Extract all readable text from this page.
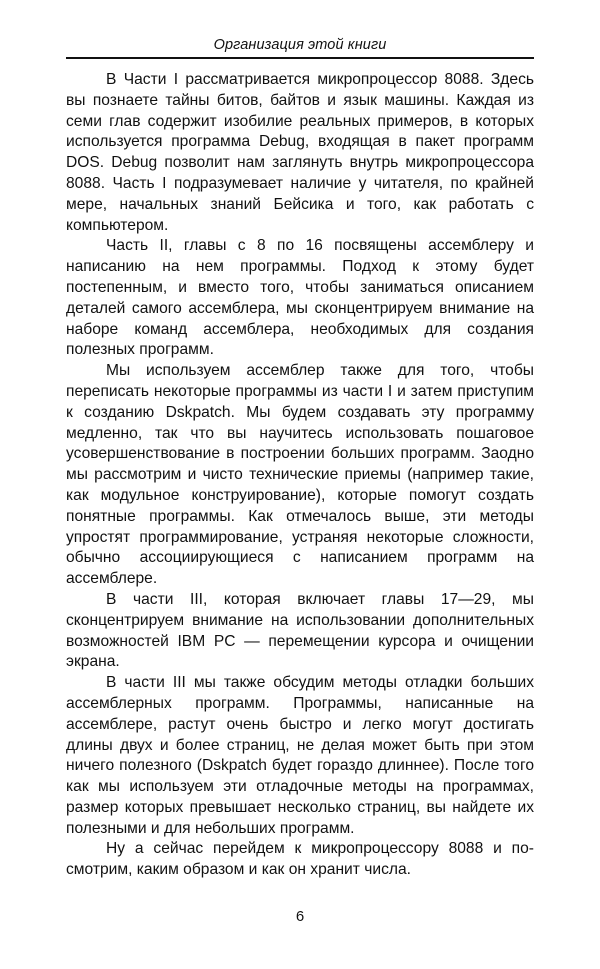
Организация этой книги

В Части I рассматривается микропроцессор 8088. Здесь вы познаете тайны битов, байтов и язык машины. Каждая из семи глав содержит изобилие реальных примеров, в которых используется программа Debug, входящая в пакет программ DOS. Debug позволит нам заглянуть внутрь микропроцессора 8088. Часть I подразумевает наличие у читателя, по крайней мере, начальных знаний Бейсика и того, как работать с компьютером.

Часть II, главы с 8 по 16 посвящены ассемблеру и написанию на нем программы. Подход к этому будет постепенным, и вместо того, чтобы заниматься описанием деталей самого ассемблера, мы сконцентрируем внимание на наборе команд ассемблера, необходимых для создания полезных программ.

Мы используем ассемблер также для того, чтобы переписать некоторые программы из части I и затем приступим к созданию Dskpatch. Мы будем создавать эту программу медленно, так что вы научитесь использовать пошаговое усовершенствование в построении больших программ. Заодно мы рассмотрим и чисто технические приемы (например такие, как модульное конструирование), которые помогут создать понятные программы. Как отмечалось выше, эти методы упростят программирование, устраняя некоторые сложности, обычно ассоциирующиеся с написанием программ на ассемблере.

В части III, которая включает главы 17—29, мы сконцентрируем внимание на использовании дополнительных возможностей IBM PC — перемещении курсора и очищении экрана.

В части III мы также обсудим методы отладки больших ассемблерных программ. Программы, написанные на ассемблере, растут очень быстро и легко могут достигать длины двух и более страниц, не делая может быть при этом ничего полезного (Dskpatch будет гораздо длиннее). После того как мы используем эти отладочные методы на программах, размер которых превышает несколько страниц, вы найдете их полезными и для небольших программ.

Ну а сейчас перейдем к микропроцессору 8088 и посмотрим, каким образом и как он хранит числа.

6
